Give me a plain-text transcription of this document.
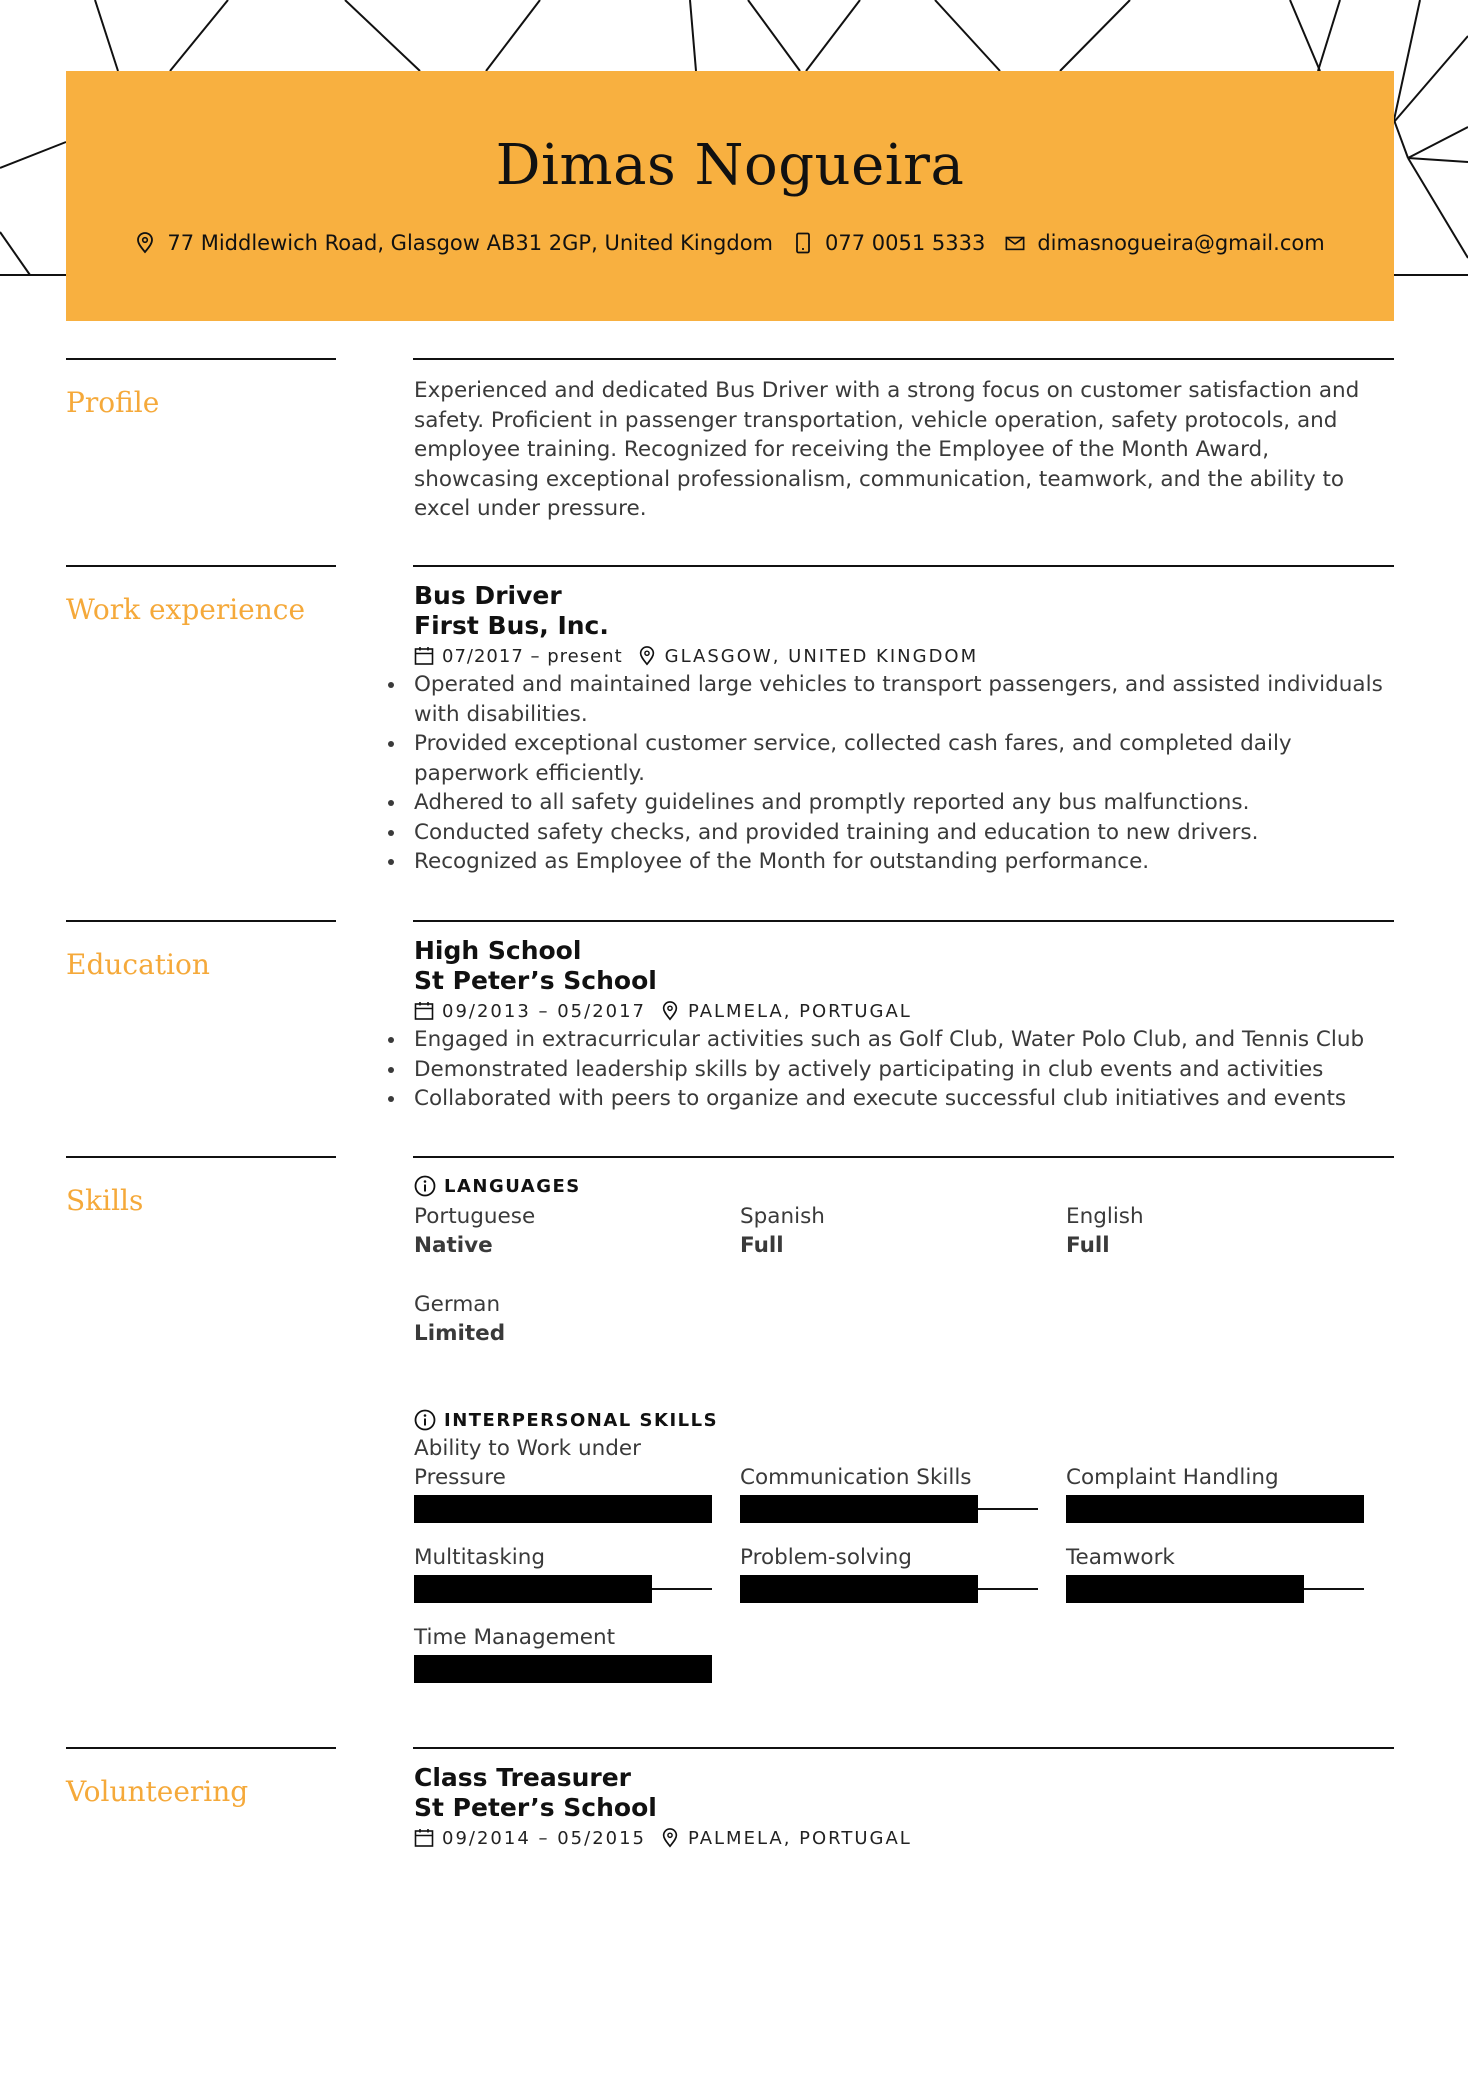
Dimas Nogueira
77 Middlewich Road, Glasgow AB31 2GP, United Kingdom 077 0051 5333 dimasnogueira@gmail.com
Profile	Experienced and dedicated Bus Driver with a strong focus on customer satisfaction and safety. Proficient in passenger transportation, vehicle operation, safety protocols, and employee training. Recognized for receiving the Employee of the Month Award, showcasing exceptional professionalism, communication, teamwork, and the ability to excel under pressure.
Work experience	Bus Driver
First Bus, Inc.
07/2017 – present GLASGOW, UNITED KINGDOM
Operated and maintained large vehicles to transport passengers, and assisted individuals with disabilities.
Provided exceptional customer service, collected cash fares, and completed daily paperwork efficiently.
Adhered to all safety guidelines and promptly reported any bus malfunctions.
Conducted safety checks, and provided training and education to new drivers.
Recognized as Employee of the Month for outstanding performance.
Education	High School
St Peter’s School
09/2013 – 05/2017 PALMELA, PORTUGAL
Engaged in extracurricular activities such as Golf Club, Water Polo Club, and Tennis Club
Demonstrated leadership skills by actively participating in club events and activities
Collaborated with peers to organize and execute successful club initiatives and events
Skills	LANGUAGES
Portuguese
Native
Spanish
Full
English
Full
German
Limited
INTERPERSONAL SKILLS
Ability to Work under Pressure	Communication Skills	Complaint Handling
Multitasking	Problem-solving	Teamwork
Time Management
Volunteering	Class Treasurer
St Peter’s School
09/2014 – 05/2015 PALMELA, PORTUGAL
